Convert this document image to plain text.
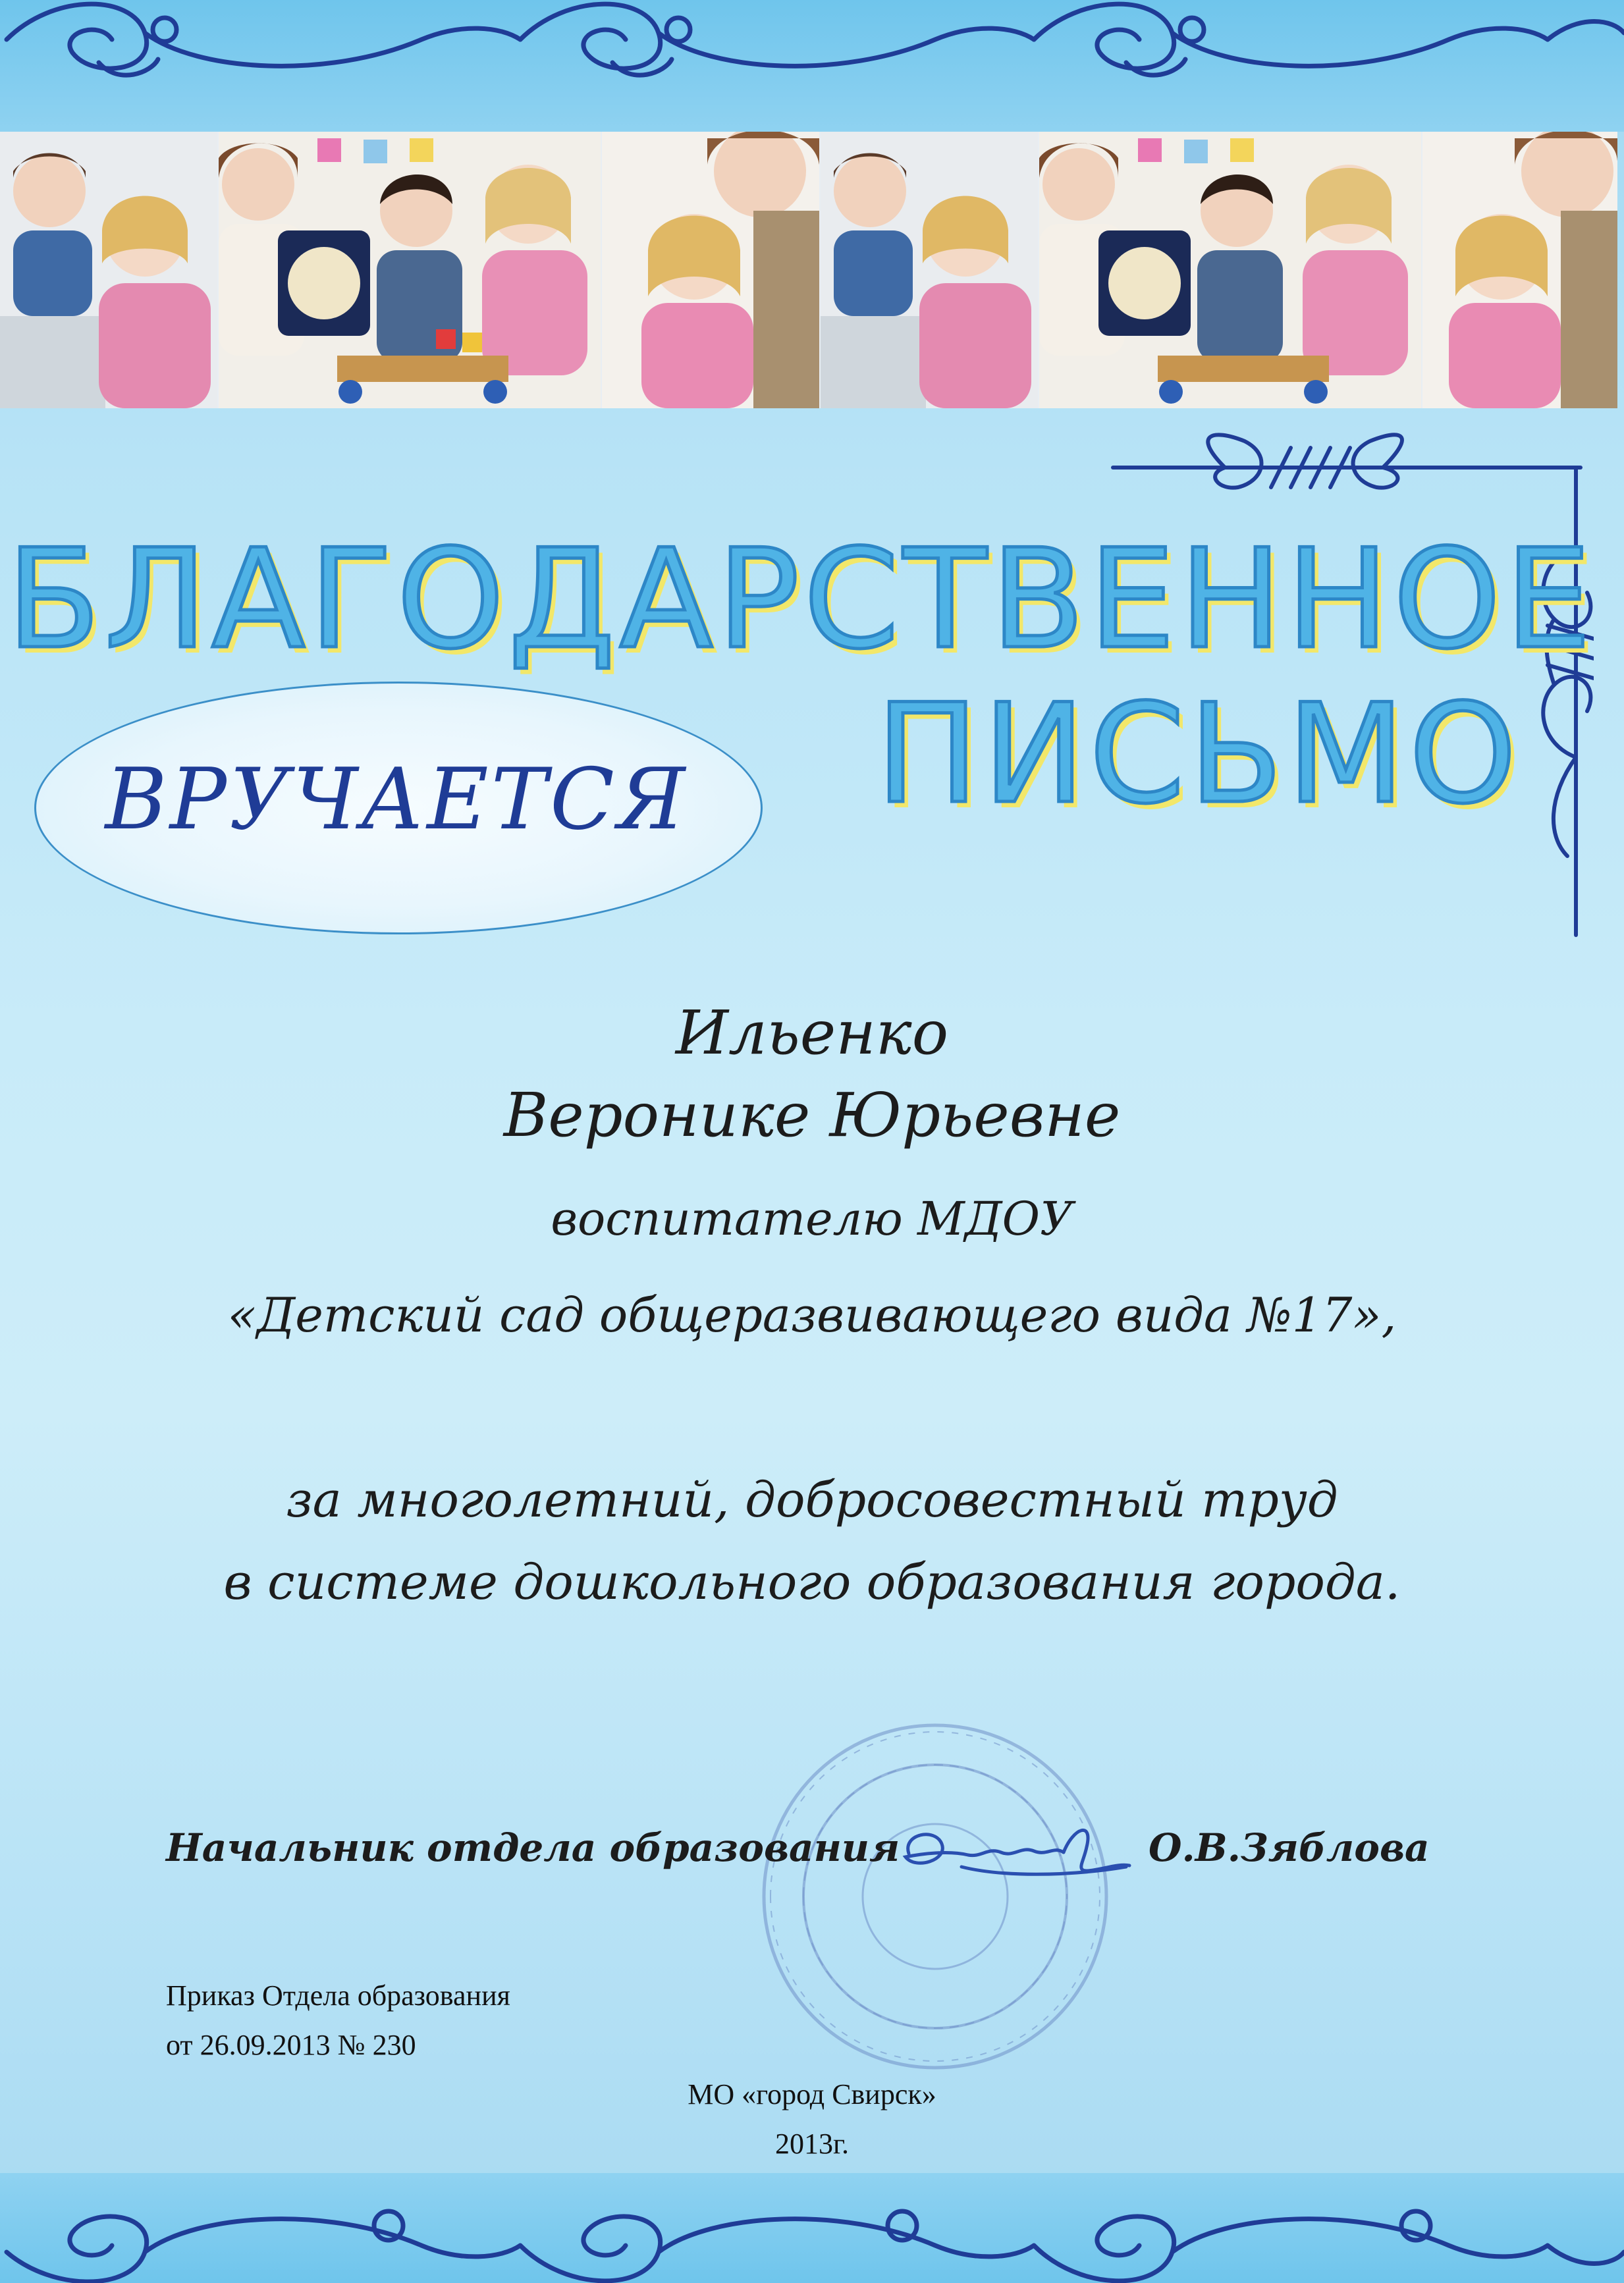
БЛАГОДАРСТВЕННОЕ
ПИСЬМО
ВРУЧАЕТСЯ
Ильенко
Веронике Юрьевне
воспитателю МДОУ
«Детский сад общеразвивающего вида №17»,
за многолетний, добросовестный труд
в системе дошкольного образования города.
Начальник отдела образования	О.В.Зяблова
Приказ Отдела образования
от 26.09.2013 № 230
МО «город Свирск»
2013г.
